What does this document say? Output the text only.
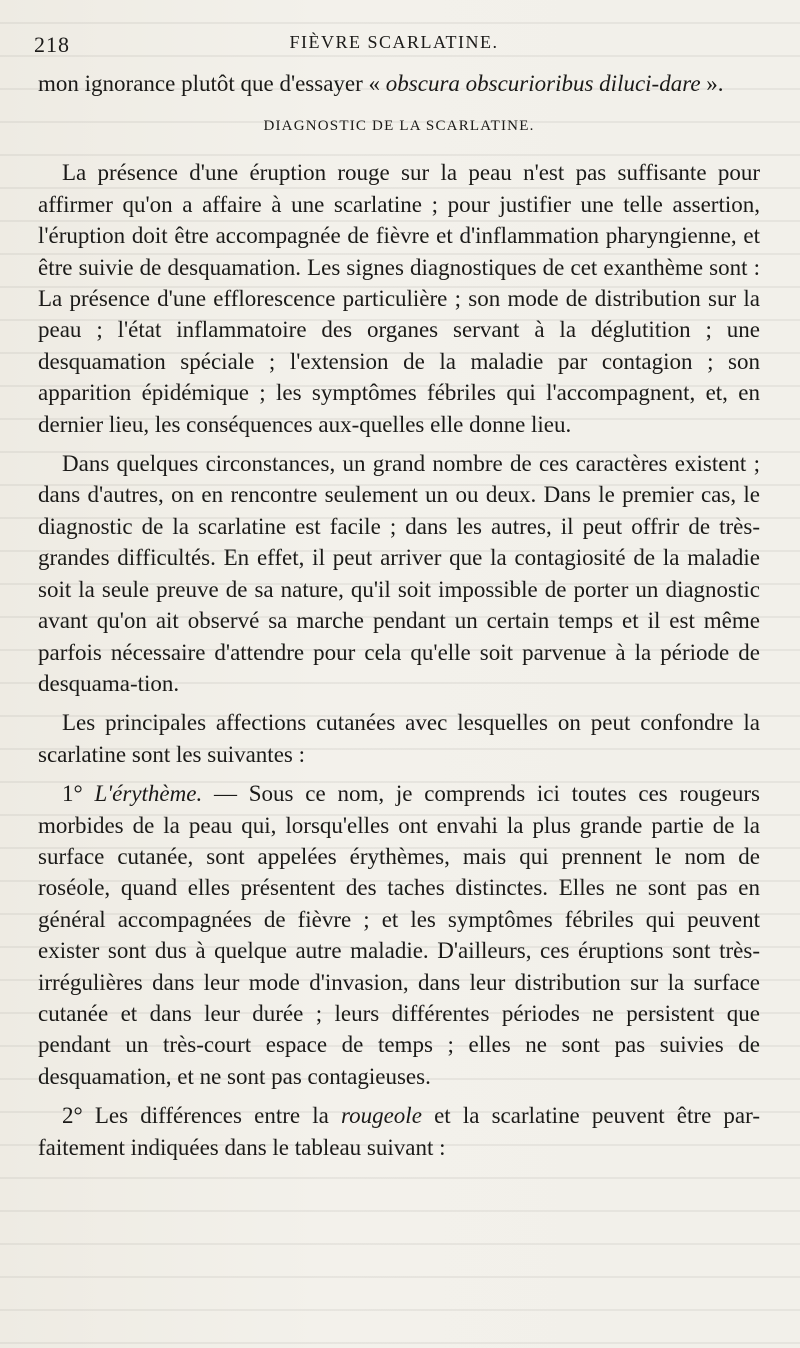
218	FIÈVRE SCARLATINE.

mon ignorance plutôt que d'essayer « obscura obscurioribus diluci-dare ».

DIAGNOSTIC DE LA SCARLATINE.

La présence d'une éruption rouge sur la peau n'est pas suffisante pour affirmer qu'on a affaire à une scarlatine ; pour justifier une telle assertion, l'éruption doit être accompagnée de fièvre et d'inflammation pharyngienne, et être suivie de desquamation. Les signes diagnostiques de cet exanthème sont : La présence d'une efflorescence particulière ; son mode de distribution sur la peau ; l'état inflammatoire des organes servant à la déglutition ; une desquamation spéciale ; l'extension de la maladie par contagion ; son apparition épidémique ; les symptômes fébriles qui l'accompagnent, et, en dernier lieu, les conséquences aux-quelles elle donne lieu.

Dans quelques circonstances, un grand nombre de ces caractères existent ; dans d'autres, on en rencontre seulement un ou deux. Dans le premier cas, le diagnostic de la scarlatine est facile ; dans les autres, il peut offrir de très-grandes difficultés. En effet, il peut arriver que la contagiosité de la maladie soit la seule preuve de sa nature, qu'il soit impossible de porter un diagnostic avant qu'on ait observé sa marche pendant un certain temps et il est même parfois nécessaire d'attendre pour cela qu'elle soit parvenue à la période de desquama-tion.

Les principales affections cutanées avec lesquelles on peut confondre la scarlatine sont les suivantes :

1° L'érythème. — Sous ce nom, je comprends ici toutes ces rougeurs morbides de la peau qui, lorsqu'elles ont envahi la plus grande partie de la surface cutanée, sont appelées érythèmes, mais qui prennent le nom de roséole, quand elles présentent des taches distinctes. Elles ne sont pas en général accompagnées de fièvre ; et les symptômes fébriles qui peuvent exister sont dus à quelque autre maladie. D'ailleurs, ces éruptions sont très-irrégulières dans leur mode d'invasion, dans leur distribution sur la surface cutanée et dans leur durée ; leurs différentes périodes ne persistent que pendant un très-court espace de temps ; elles ne sont pas suivies de desquamation, et ne sont pas contagieuses.

2° Les différences entre la rougeole et la scarlatine peuvent être par-faitement indiquées dans le tableau suivant :
